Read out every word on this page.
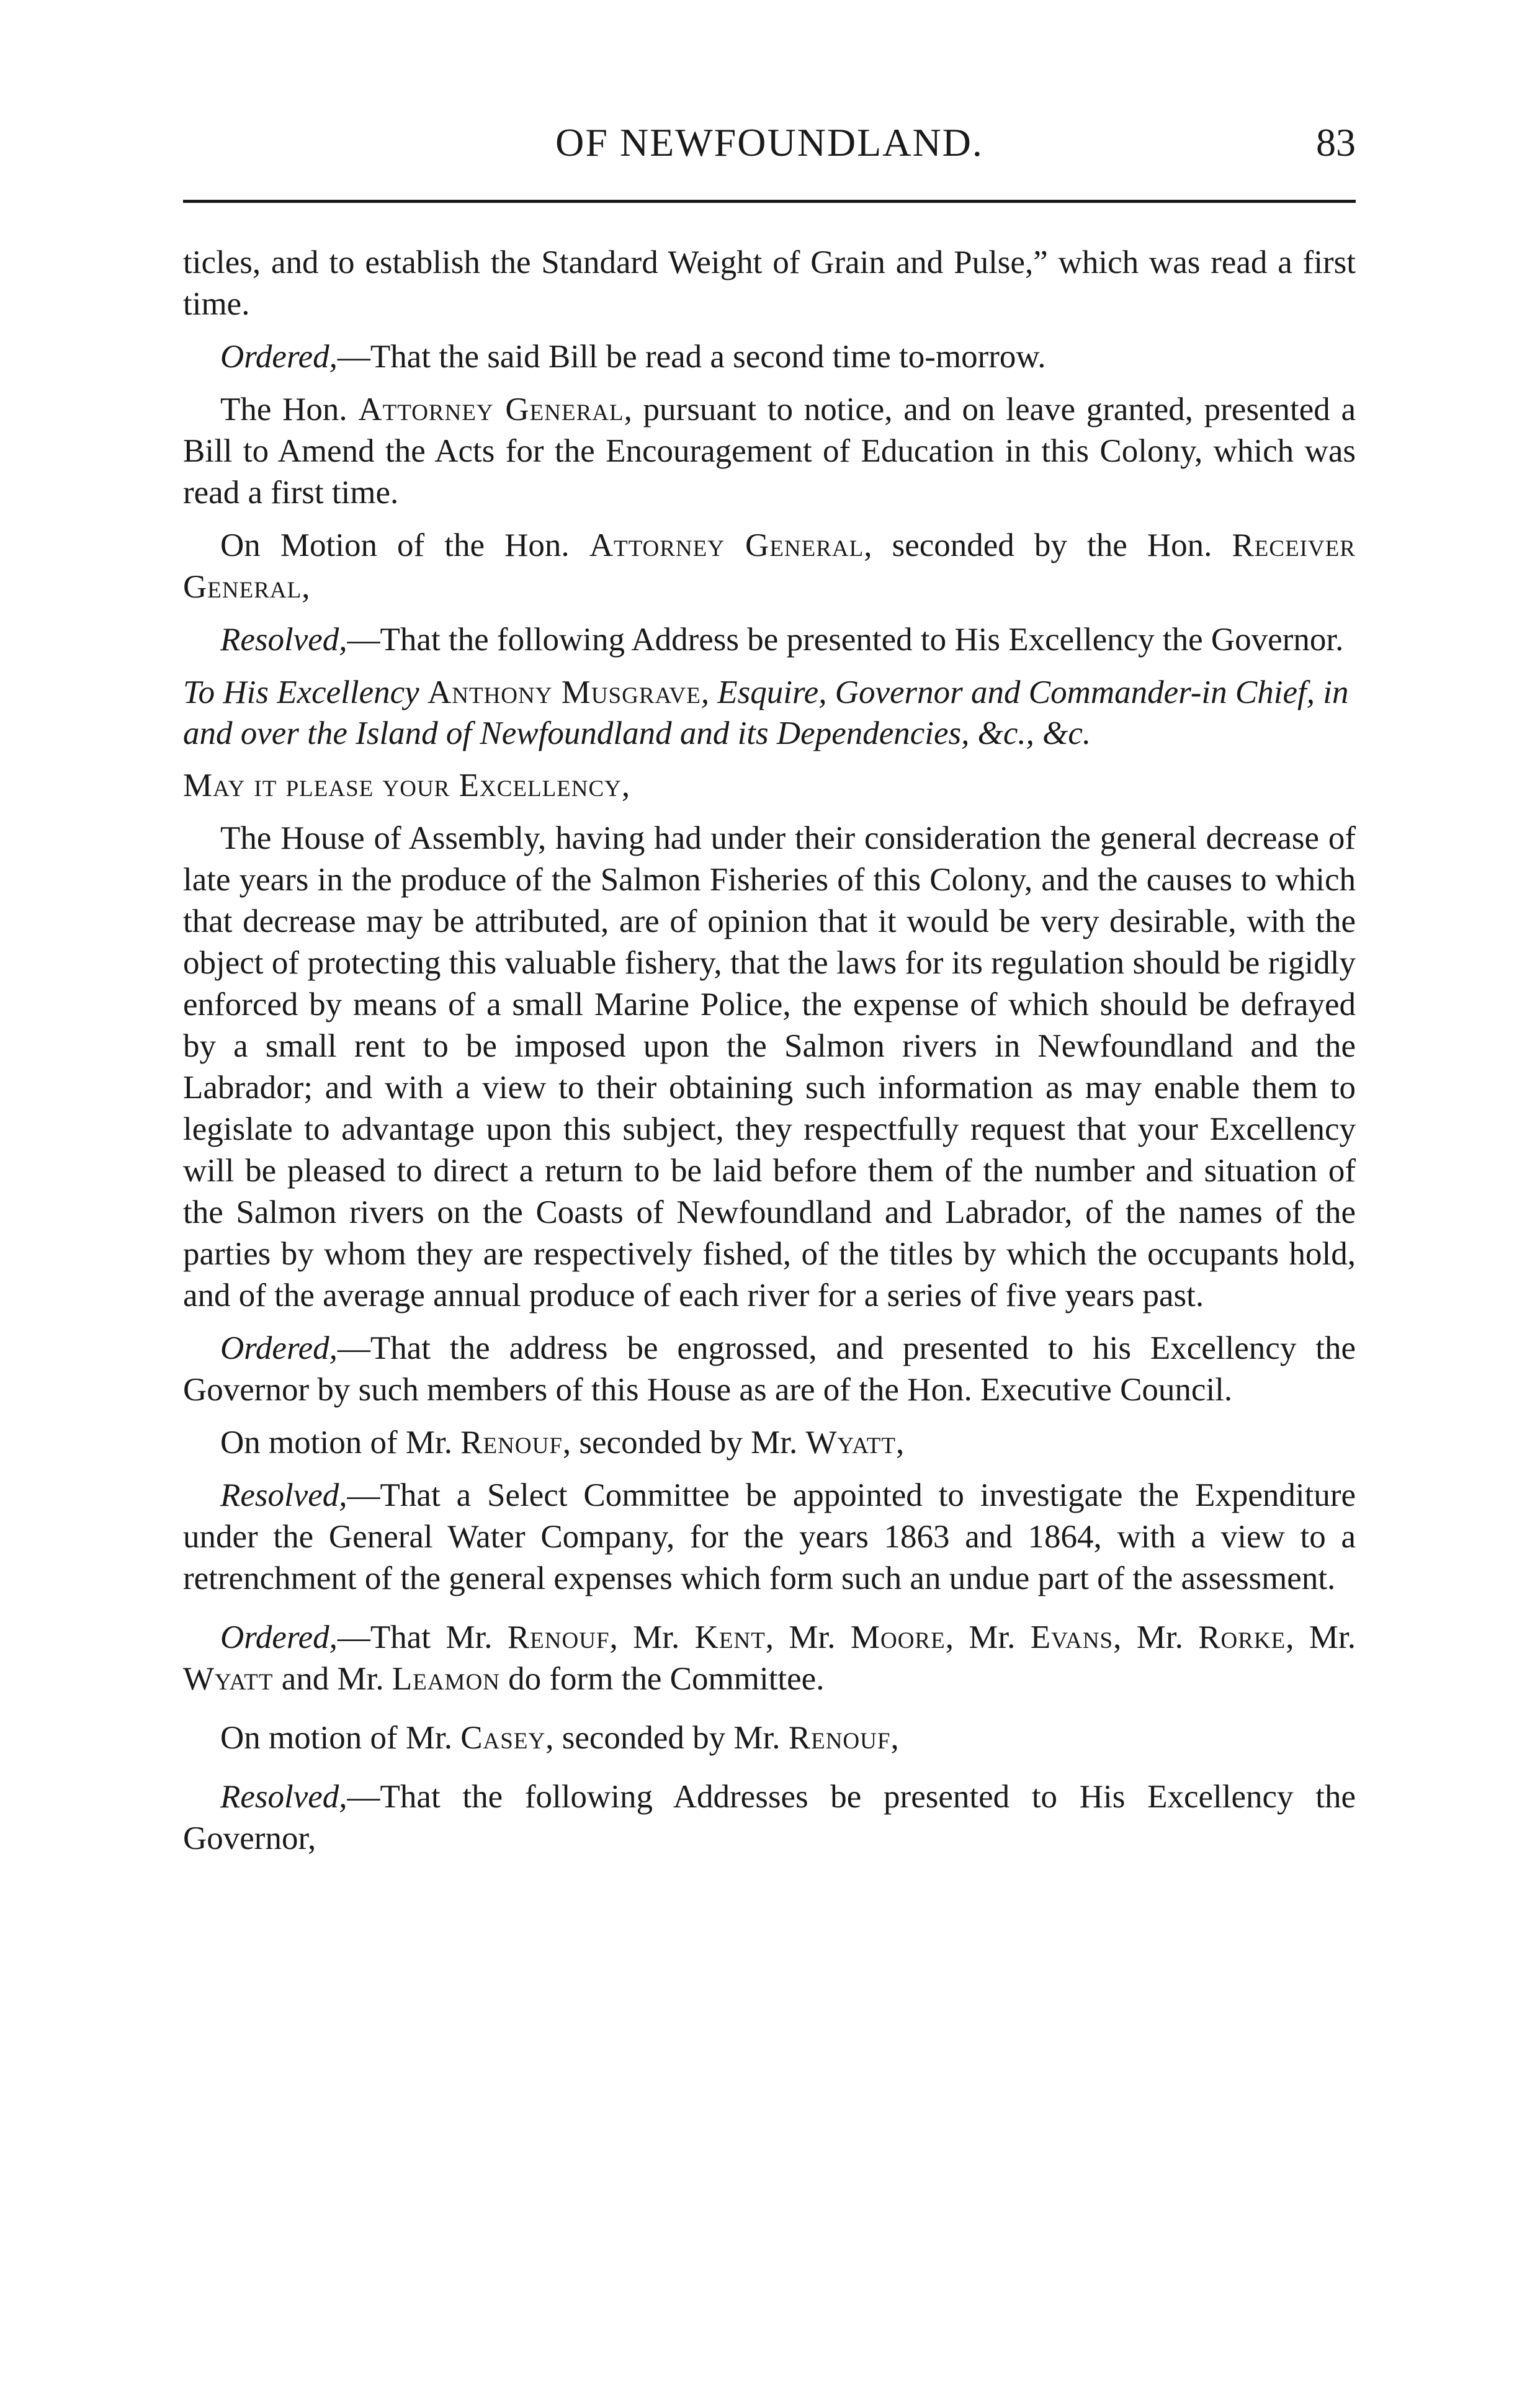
OF NEWFOUNDLAND.	83

ticles, and to establish the Standard Weight of Grain and Pulse,” which was read a first time.

Ordered,—That the said Bill be read a second time to-morrow.

The Hon. Attorney General, pursuant to notice, and on leave granted, presented a Bill to Amend the Acts for the Encouragement of Education in this Colony, which was read a first time.

On Motion of the Hon. Attorney General, seconded by the Hon. Receiver General,

Resolved,—That the following Address be presented to His Excellency the Governor.

To His Excellency Anthony Musgrave, Esquire, Governor and Commander-in Chief, in and over the Island of Newfoundland and its Dependencies, &c., &c.

May it please your Excellency,

The House of Assembly, having had under their consideration the general decrease of late years in the produce of the Salmon Fisheries of this Colony, and the causes to which that decrease may be attributed, are of opinion that it would be very desirable, with the object of protecting this valuable fishery, that the laws for its regulation should be rigidly enforced by means of a small Marine Police, the expense of which should be defrayed by a small rent to be imposed upon the Salmon rivers in Newfoundland and the Labrador; and with a view to their obtaining such information as may enable them to legislate to advantage upon this subject, they respectfully request that your Excellency will be pleased to direct a return to be laid before them of the number and situation of the Salmon rivers on the Coasts of Newfoundland and Labrador, of the names of the parties by whom they are respectively fished, of the titles by which the occupants hold, and of the average annual produce of each river for a series of five years past.

Ordered,—That the address be engrossed, and presented to his Excellency the Governor by such members of this House as are of the Hon. Executive Council.

On motion of Mr. Renouf, seconded by Mr. Wyatt,

Resolved,—That a Select Committee be appointed to investigate the Expenditure under the General Water Company, for the years 1863 and 1864, with a view to a retrenchment of the general expenses which form such an undue part of the assessment.

Ordered,—That Mr. Renouf, Mr. Kent, Mr. Moore, Mr. Evans, Mr. Rorke, Mr. Wyatt and Mr. Leamon do form the Committee.

On motion of Mr. Casey, seconded by Mr. Renouf,

Resolved,—That the following Addresses be presented to His Excellency the Governor,
